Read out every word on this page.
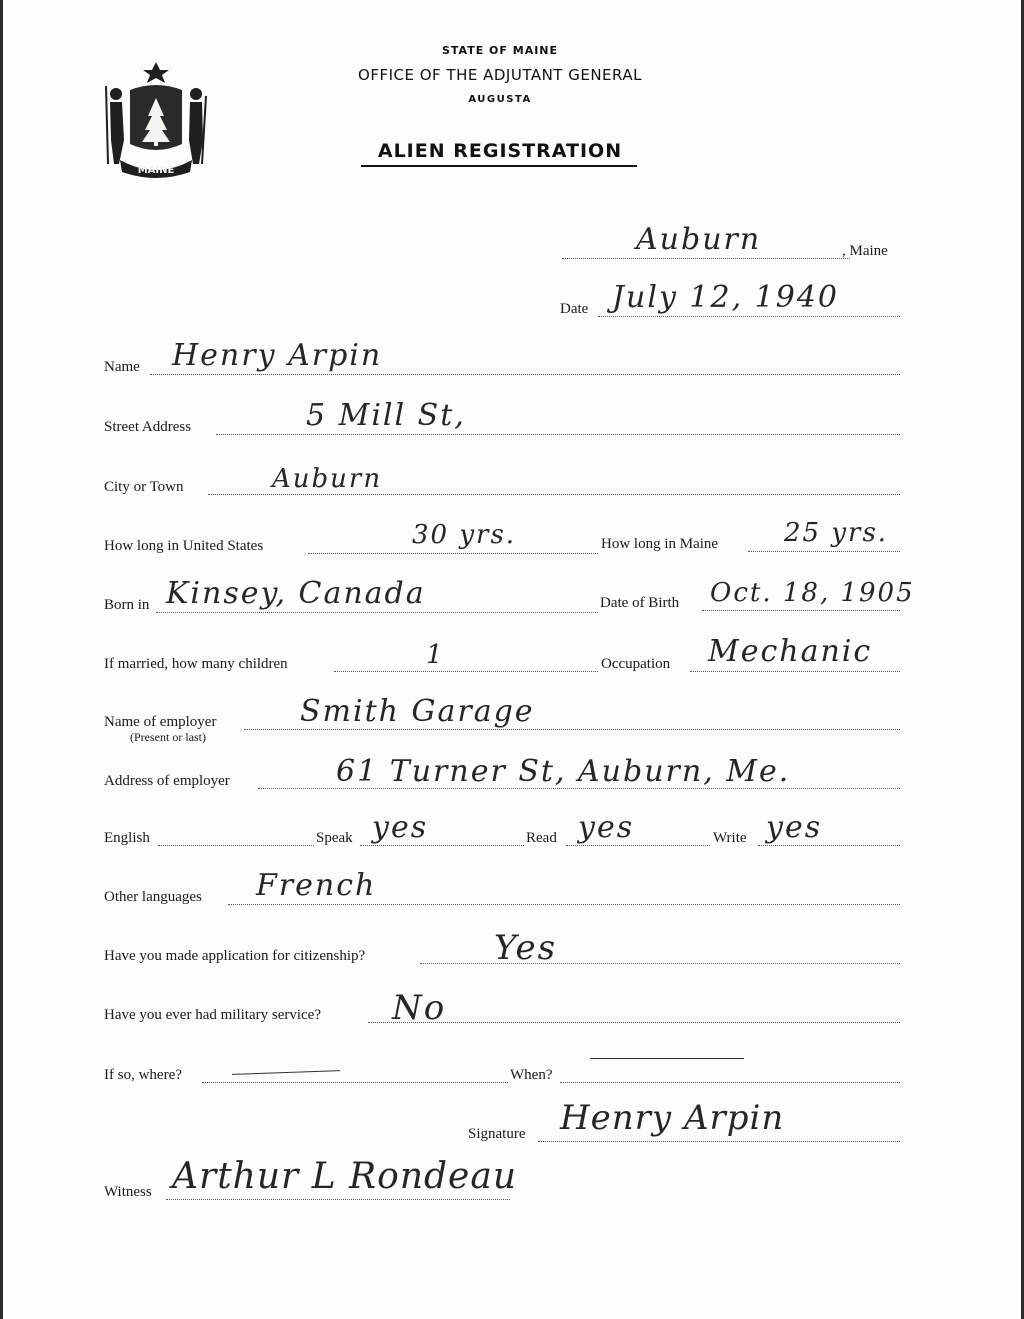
MAINE
STATE OF MAINE
OFFICE OF THE ADJUTANT GENERAL
AUGUSTA
ALIEN REGISTRATION
Auburn	, Maine
Date July 12, 1940
Name Henry Arpin
Street Address	5 Mill St,
City or Town	Auburn
How long in United States	30 yrs.	How long in Maine	25 yrs.
Born in Kinsey, Canada	Date of Birth Oct. 18, 1905
If married, how many children	1	Occupation Mechanic
Name of employer
(Present or last)
Smith Garage
Address of employer	61 Turner St, Auburn, Me.
English	Speak yes	Read yes	Write yes
Other languages French
Have you made application for citizenship?	Yes
Have you ever had military service? No
If so, where?	When?
Signature Henry Arpin
Witness Arthur L Rondeau
